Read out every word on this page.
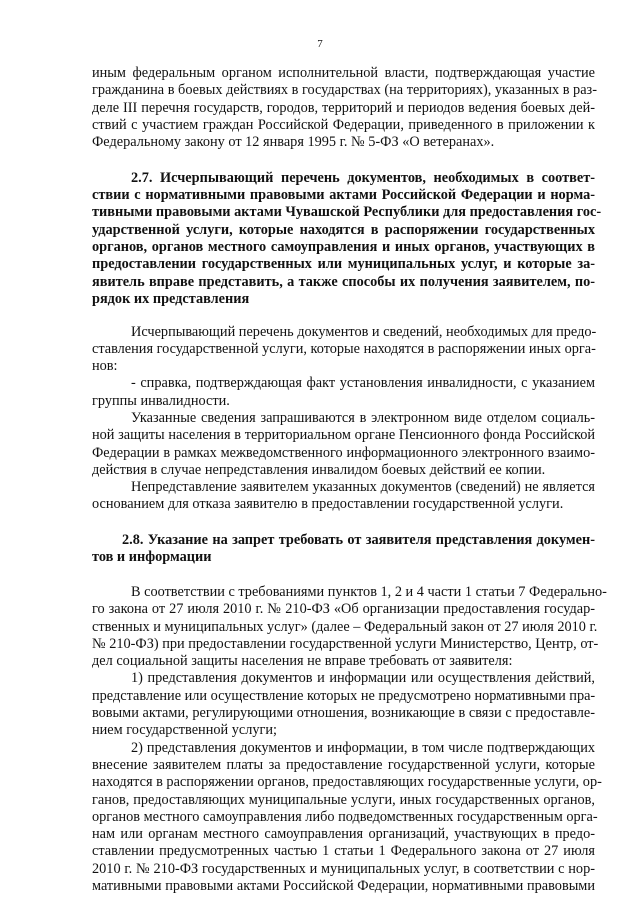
7
иным федеральным органом исполнительной власти, подтверждающая участие
гражданина в боевых действиях в государствах (на территориях), указанных в раз-
деле III перечня государств, городов, территорий и периодов ведения боевых дей-
ствий с участием граждан Российской Федерации, приведенного в приложении к
Федеральному закону от 12 января 1995 г. № 5-ФЗ «О ветеранах».
2.7. Исчерпывающий перечень документов, необходимых в соответ-
ствии с нормативными правовыми актами Российской Федерации и норма-
тивными правовыми актами Чувашской Республики для предоставления гос-
ударственной услуги, которые находятся в распоряжении государственных
органов, органов местного самоуправления и иных органов, участвующих в
предоставлении государственных или муниципальных услуг, и которые за-
явитель вправе представить, а также способы их получения заявителем, по-
рядок их представления
Исчерпывающий перечень документов и сведений, необходимых для предо-
ставления государственной услуги, которые находятся в распоряжении иных орга-
нов:
- справка, подтверждающая факт установления инвалидности, с указанием
группы инвалидности.
Указанные сведения запрашиваются в электронном виде отделом социаль-
ной защиты населения в территориальном органе Пенсионного фонда Российской
Федерации в рамках межведомственного информационного электронного взаимо-
действия в случае непредставления инвалидом боевых действий ее копии.
Непредставление заявителем указанных документов (сведений) не является
основанием для отказа заявителю в предоставлении государственной услуги.
2.8. Указание на запрет требовать от заявителя представления докумен-
тов и информации
В соответствии с требованиями пунктов 1, 2 и 4 части 1 статьи 7 Федерально-
го закона от 27 июля 2010 г. № 210-ФЗ «Об организации предоставления государ-
ственных и муниципальных услуг» (далее – Федеральный закон от 27 июля 2010 г.
№ 210-ФЗ) при предоставлении государственной услуги Министерство, Центр, от-
дел социальной защиты населения не вправе требовать от заявителя:
1) представления документов и информации или осуществления действий,
представление или осуществление которых не предусмотрено нормативными пра-
вовыми актами, регулирующими отношения, возникающие в связи с предоставле-
нием государственной услуги;
2) представления документов и информации, в том числе подтверждающих
внесение заявителем платы за предоставление государственной услуги, которые
находятся в распоряжении органов, предоставляющих государственные услуги, ор-
ганов, предоставляющих муниципальные услуги, иных государственных органов,
органов местного самоуправления либо подведомственных государственным орга-
нам или органам местного самоуправления организаций, участвующих в предо-
ставлении предусмотренных частью 1 статьи 1 Федерального закона от 27 июля
2010 г. № 210-ФЗ государственных и муниципальных услуг, в соответствии с нор-
мативными правовыми актами Российской Федерации, нормативными правовыми
